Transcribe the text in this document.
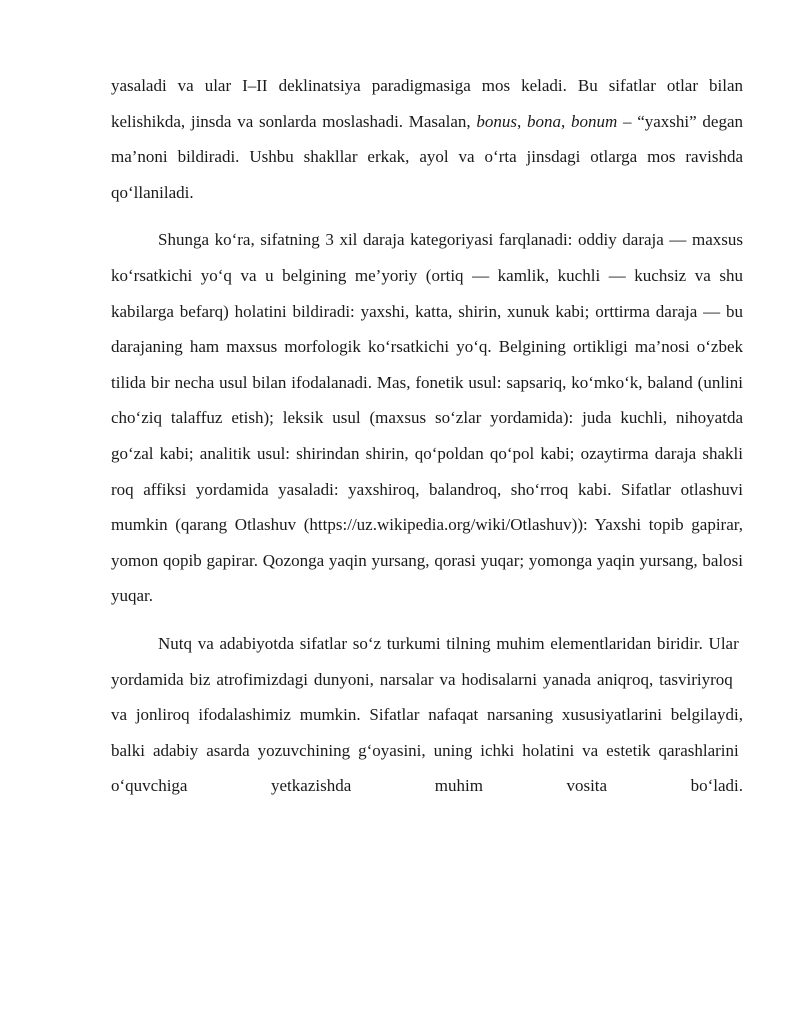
yasaladi va ular I–II deklinatsiya paradigmasiga mos keladi. Bu sifatlar otlar bilan kelishikda, jinsda va sonlarda moslashadi. Masalan, bonus, bona, bonum – “yaxshi” degan ma’noni bildiradi. Ushbu shakllar erkak, ayol va o‘rta jinsdagi otlarga mos ravishda qo‘llaniladi.

Shunga ko‘ra, sifatning 3 xil daraja kategoriyasi farqlanadi: oddiy daraja — maxsus ko‘rsatkichi yo‘q va u belgining me’yoriy (ortiq — kamlik, kuchli — kuchsiz va shu kabilarga befarq) holatini bildiradi: yaxshi, katta, shirin, xunuk kabi; orttirma daraja — bu darajaning ham maxsus morfologik ko‘rsatkichi yo‘q. Belgining ortikligi ma’nosi o‘zbek tilida bir necha usul bilan ifodalanadi. Mas, fonetik usul: sapsariq, ko‘mko‘k, baland (unlini cho‘ziq talaffuz etish); leksik usul (maxsus so‘zlar yordamida): juda kuchli, nihoyatda go‘zal kabi; analitik usul: shirindan shirin, qo‘poldan qo‘pol kabi; ozaytirma daraja shakli roq affiksi yordamida yasaladi: yaxshiroq, balandroq, sho‘rroq kabi. Sifatlar otlashuvi mumkin (qarang Otlashuv (https://uz.wikipedia.org/wiki/Otlashuv)): Yaxshi topib gapirar, yomon qopib gapirar. Qozonga yaqin yursang, qorasi yuqar; yomonga yaqin yursang, balosi yuqar.

Nutq va adabiyotda sifatlar so‘z turkumi tilning muhim elementlaridan biridir. Ular  yordamida biz atrofimizdagi dunyoni, narsalar va hodisalarni yanada aniqroq, tasviriyroq   va jonliroq ifodalashimiz mumkin. Sifatlar nafaqat narsaning xususiyatlarini belgilaydi, balki adabiy asarda yozuvchining g‘oyasini, uning ichki holatini va estetik qarashlarini  o‘quvchiga yetkazishda muhim vosita bo‘ladi.
